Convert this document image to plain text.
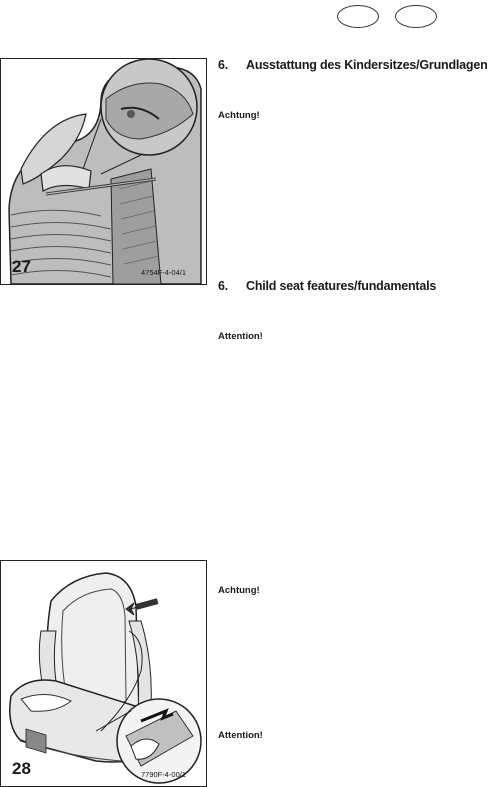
27	4754F-4-04/1
28	7790F-4-00/1
6. Ausstattung des Kindersitzes/Grundlagen
Achtung!
6. Child seat features/fundamentals
Attention!
Achtung!
Attention!
